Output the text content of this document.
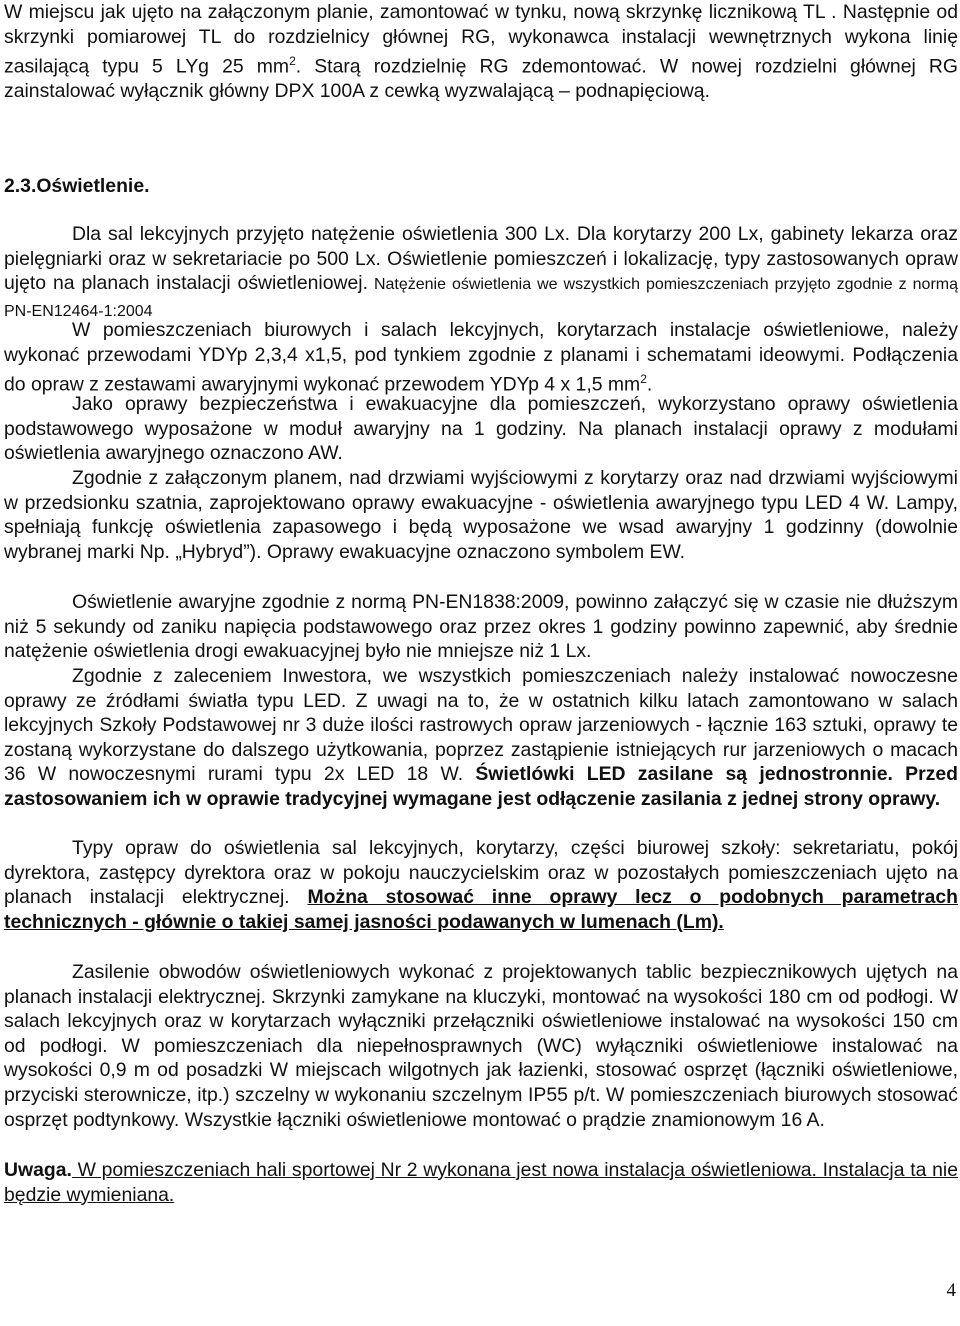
W miejscu jak ujęto na załączonym planie, zamontować w tynku, nową skrzynkę licznikową TL . Następnie od skrzynki pomiarowej TL do rozdzielnicy głównej RG, wykonawca instalacji wewnętrznych wykona linię zasilającą typu 5 LYg 25 $mm^2$. Starą rozdzielnię RG zdemontować. W nowej rozdzielni głównej RG zainstalować wyłącznik główny DPX 100A z cewką wyzwalającą – podnapięciową.

2.3.Oświetlenie.

Dla sal lekcyjnych przyjęto natężenie oświetlenia 300 Lx. Dla korytarzy 200 Lx, gabinety lekarza oraz pielęgniarki oraz w sekretariacie po 500 Lx. Oświetlenie pomieszczeń i lokalizację, typy zastosowanych opraw ujęto na planach instalacji oświetleniowej. Natężenie oświetlenia we wszystkich pomieszczeniach przyjęto zgodnie z normą PN-EN12464-1:2004

W pomieszczeniach biurowych i salach lekcyjnych, korytarzach instalacje oświetleniowe, należy wykonać przewodami YDYp 2,3,4 x1,5, pod tynkiem zgodnie z planami i schematami ideowymi. Podłączenia do opraw z zestawami awaryjnymi wykonać przewodem YDYp 4 x 1,5 $mm^2$.

Jako oprawy bezpieczeństwa i ewakuacyjne dla pomieszczeń, wykorzystano oprawy oświetlenia podstawowego wyposażone w moduł awaryjny na 1 godziny. Na planach instalacji oprawy z modułami oświetlenia awaryjnego oznaczono AW.

Zgodnie z załączonym planem, nad drzwiami wyjściowymi z korytarzy oraz nad drzwiami wyjściowymi w przedsionku szatnia, zaprojektowano oprawy ewakuacyjne - oświetlenia awaryjnego typu LED 4 W. Lampy, spełniają funkcję oświetlenia zapasowego i będą wyposażone we wsad awaryjny 1 godzinny (dowolnie wybranej marki Np. „Hybryd”). Oprawy ewakuacyjne oznaczono symbolem EW.

Oświetlenie awaryjne zgodnie z normą PN-EN1838:2009, powinno załączyć się w czasie nie dłuższym niż 5 sekundy od zaniku napięcia podstawowego oraz przez okres 1 godziny powinno zapewnić, aby średnie natężenie oświetlenia drogi ewakuacyjnej było nie mniejsze niż 1 Lx.

Zgodnie z zaleceniem Inwestora, we wszystkich pomieszczeniach należy instalować nowoczesne oprawy ze źródłami światła typu LED. Z uwagi na to, że w ostatnich kilku latach zamontowano w salach lekcyjnych Szkoły Podstawowej nr 3 duże ilości rastrowych opraw jarzeniowych - łącznie 163 sztuki, oprawy te zostaną wykorzystane do dalszego użytkowania, poprzez zastąpienie istniejących rur jarzeniowych o macach 36 W nowoczesnymi rurami typu 2x LED 18 W. Świetlówki LED zasilane są jednostronnie. Przed zastosowaniem ich w oprawie tradycyjnej wymagane jest odłączenie zasilania z jednej strony oprawy.

Typy opraw do oświetlenia sal lekcyjnych, korytarzy, części biurowej szkoły: sekretariatu, pokój dyrektora, zastępcy dyrektora oraz w pokoju nauczycielskim oraz w pozostałych pomieszczeniach ujęto na planach instalacji elektrycznej. Można stosować inne oprawy lecz o podobnych parametrach technicznych - głównie o takiej samej jasności podawanych w lumenach (Lm).

Zasilenie obwodów oświetleniowych wykonać z projektowanych tablic bezpiecznikowych ujętych na planach instalacji elektrycznej. Skrzynki zamykane na kluczyki, montować na wysokości 180 cm od podłogi. W salach lekcyjnych oraz w korytarzach wyłączniki przełączniki oświetleniowe instalować na wysokości 150 cm od podłogi. W pomieszczeniach dla niepełnosprawnych (WC) wyłączniki oświetleniowe instalować na wysokości 0,9 m od posadzki W miejscach wilgotnych jak łazienki, stosować osprzęt (łączniki oświetleniowe, przyciski sterownicze, itp.) szczelny w wykonaniu szczelnym IP55 p/t. W pomieszczeniach biurowych stosować osprzęt podtynkowy. Wszystkie łączniki oświetleniowe montować o prądzie znamionowym 16 A.

Uwaga. W pomieszczeniach hali sportowej Nr 2 wykonana jest nowa instalacja oświetleniowa. Instalacja ta nie będzie wymieniana.

4
